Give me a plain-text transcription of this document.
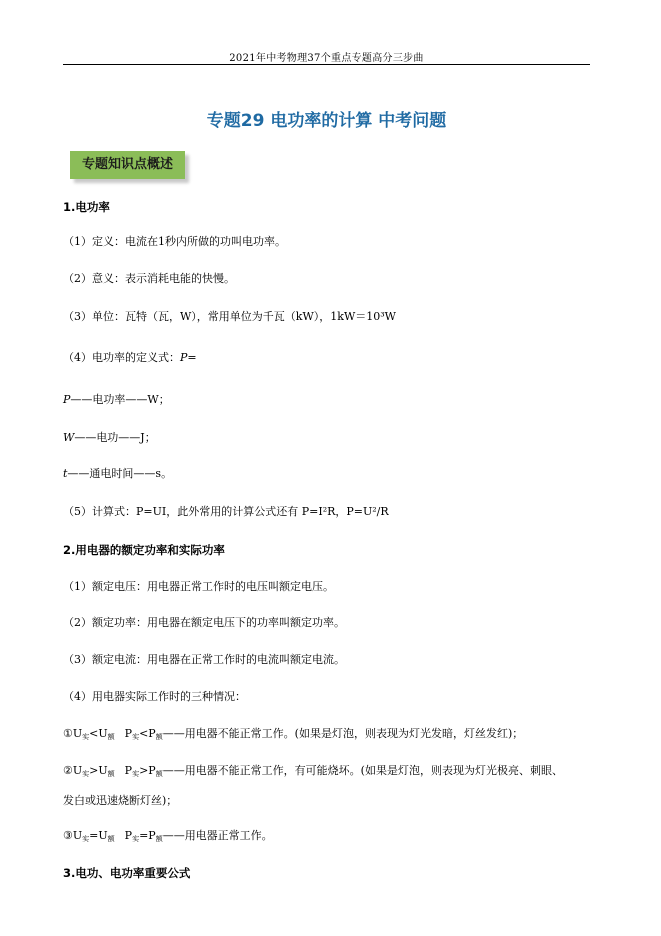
2021年中考物理37个重点专题高分三步曲
专题29 电功率的计算 中考问题
专题知识点概述
1.电功率
（1）定义：电流在1秒内所做的功叫电功率。
（2）意义：表示消耗电能的快慢。
（3）单位：瓦特（瓦，W），常用单位为千瓦（kW），1kW＝10³W
（4）电功率的定义式：P=
P——电功率——W；
W——电功——J；
t——通电时间——s。
（5）计算式：P=UI，此外常用的计算公式还有 P=I²R，P=U²/R
2.用电器的额定功率和实际功率
（1）额定电压：用电器正常工作时的电压叫额定电压。
（2）额定功率：用电器在额定电压下的功率叫额定功率。
（3）额定电流：用电器在正常工作时的电流叫额定电流。
（4）用电器实际工作时的三种情况：
$①U_实<U_额$ $P_实<P_额——$用电器不能正常工作。(如果是灯泡，则表现为灯光发暗，灯丝发红)；
$②U_实>U_额$ $P_实>P_额——$用电器不能正常工作，有可能烧坏。(如果是灯泡，则表现为灯光极亮、刺眼、
发白或迅速烧断灯丝)；
$③U_实=U_额$ $P_实=P_额——$用电器正常工作。
3.电功、电功率重要公式
